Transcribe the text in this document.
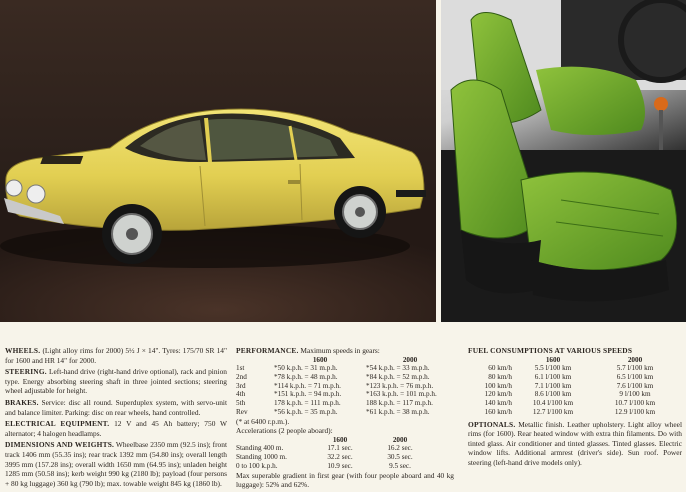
WHEELS. (Light alloy rims for 2000) 5½ J × 14". Tyres: 175/70 SR 14" for 1600 and HR 14" for 2000.

STEERING. Left-hand drive (right-hand drive optional), rack and pinion type. Energy absorbing steering shaft in three jointed sections; steering wheel adjustable for height.

BRAKES. Service: disc all round. Superduplex system, with servo-unit and balance limiter. Parking: disc on rear wheels, hand controlled.

ELECTRICAL EQUIPMENT. 12 V and 45 Ah battery; 750 W alternator; 4 halogen headlamps.

DIMENSIONS AND WEIGHTS. Wheelbase 2350 mm (92.5 ins); front track 1406 mm (55.35 ins); rear track 1392 mm (54.80 ins); overall length 3995 mm (157.28 ins); overall width 1650 mm (64.95 ins); unladen height 1285 mm (50.58 ins); kerb weight 990 kg (2180 lb); payload (four persons + 80 kg luggage) 360 kg (790 lb); max. towable weight 845 kg (1860 lb).

PERFORMANCE. Maximum speeds in gears:
	1600	2000
1st	*50 k.p.h. = 31 m.p.h.	*54 k.p.h. = 33 m.p.h.
2nd	*78 k.p.h. = 48 m.p.h.	*84 k.p.h. = 52 m.p.h.
3rd	*114 k.p.h. = 71 m.p.h.	*123 k.p.h. = 76 m.p.h.
4th	*151 k.p.h. = 94 m.p.h.	*163 k.p.h. = 101 m.p.h.
5th	178 k.p.h. = 111 m.p.h.	188 k.p.h. = 117 m.p.h.
Rev	*56 k.p.h. = 35 m.p.h.	*61 k.p.h. = 38 m.p.h.
(* at 6400 r.p.m.).
Accelerations (2 people aboard):
	1600	2000
Standing 400 m.	17.1 sec.	16.2 sec.
Standing 1000 m.	32.2 sec.	30.5 sec.
0 to 100 k.p.h.	10.9 sec.	9.5 sec.

Max superable gradient in first gear (with four people aboard and 40 kg luggage): 52% and 62%.

FUEL CONSUMPTIONS AT VARIOUS SPEEDS
	1600	2000
60 km/h	5.5 l/100 km	5.7 l/100 km
80 km/h	6.1 l/100 km	6.5 l/100 km
100 km/h	7.1 l/100 km	7.6 l/100 km
120 km/h	8.6 l/100 km	9 l/100 km
140 km/h	10.4 l/100 km	10.7 l/100 km
160 km/h	12.7 l/100 km	12.9 l/100 km

OPTIONALS. Metallic finish. Leather upholstery. Light alloy wheel rims (for 1600). Rear heated window with extra thin filaments. Do with tinted glass. Air conditioner and tinted glasses. Tinted glasses. Electric window lifts. Additional armrest (driver's side). Sun roof. Power steering (left-hand drive models only).
